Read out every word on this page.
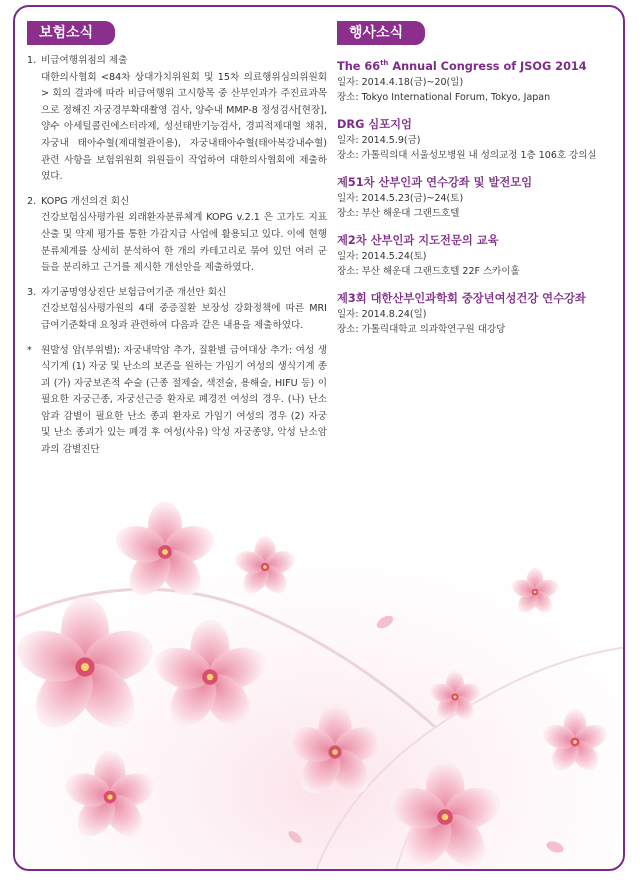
보험소식
1. 비급여행위점의 제출
대한의사협회 <84차 상대가치위원회 및 15차 의료행위심의위원회> 회의 결과에 따라 비급여행위 고시항목 중 산부인과가 주진료과목으로 정해진 자궁경부확대촬영 검사, 양수내 MMP-8 정성검사[현장], 양수 아세틸콜린에스터라제, 성선태반기능검사, 경피적제대혈 채취, 자궁내 태아수혈(제대혈관이용), 자궁내태아수혈(태아복강내수혈) 관련 사항을 보험위원회 위원들이 작업하여 대한의사협회에 제출하였다.
2. KOPG 개선의견 회신
건강보험심사평가원 외래환자분류체계 KOPG v.2.1 은 고가도 지표 산출 및 약제 평가를 통한 가감지급 사업에 활용되고 있다. 이에 현행 분류체계를 상세히 분석하여 한 개의 카테고리로 묶여 있던 여러 군들을 분리하고 근거를 제시한 개선안을 제출하였다.
3. 자기공명영상진단 보험급여기준 개선안 회신
건강보험심사평가원의 4대 중증질환 보장성 강화정책에 따른 MRI 급여기준확대 요청과 관련하여 다음과 같은 내용을 제출하였다.
* 원발성 암(부위별): 자궁내막암 추가, 질환별 급여대상 추가: 여성 생식기계 (1) 자궁 및 난소의 보존을 원하는 가임기 여성의 생식기계 종괴 (가) 자궁보존적 수술 (근종 절제술, 색전술, 용해술, HIFU 등) 이 필요한 자궁근종, 자궁선근증 환자로 폐경전 여성의 경우. (나) 난소암과 감별이 필요한 난소 종괴 환자로 가임기 여성의 경우 (2) 자궁 및 난소 종괴가 있는 폐경 후 여성(사유) 악성 자궁종양, 악성 난소암과의 감별진단
행사소식
The 66th Annual Congress of JSOG 2014
일자: 2014.4.18(금)~20(일)
장소: Tokyo International Forum, Tokyo, Japan
DRG 심포지엄
일자: 2014.5.9(금)
장소: 가톨릭의대 서울성모병원 내 성의교정 1층 106호 강의실
제51차 산부인과 연수강좌 및 발전모임
일자: 2014.5.23(금)~24(토)
장소: 부산 해운대 그랜드호텔
제2차 산부인과 지도전문의 교육
일자: 2014.5.24(토)
장소: 부산 해운대 그랜드호텔 22F 스카이홀
제3회 대한산부인과학회 중장년여성건강 연수강좌
일자: 2014.8.24(일)
장소: 가톨릭대학교 의과학연구원 대강당
